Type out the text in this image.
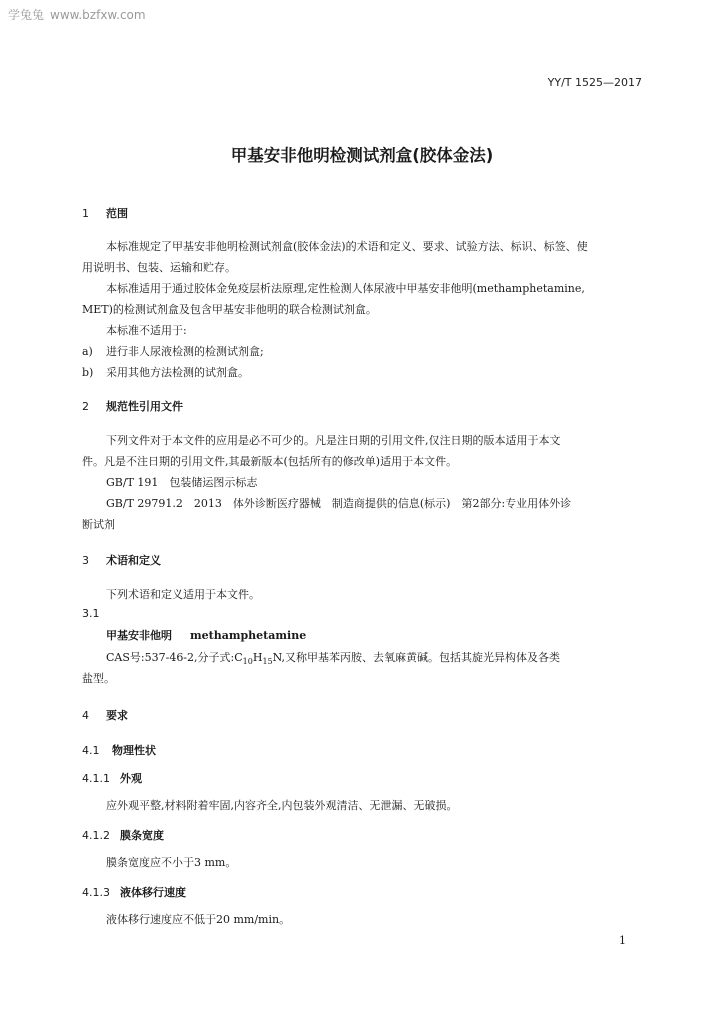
学兔兔 www.bzfxw.com
YY/T 1525—2017
甲基安非他明检测试剂盒(胶体金法)
1 范围
本标准规定了甲基安非他明检测试剂盒(胶体金法)的术语和定义、要求、试验方法、标识、标签、使
用说明书、包装、运输和贮存。
本标准适用于通过胶体金免疫层析法原理,定性检测人体尿液中甲基安非他明(methamphetamine,
MET)的检测试剂盒及包含甲基安非他明的联合检测试剂盒。
本标准不适用于:
a) 进行非人尿液检测的检测试剂盒;
b) 采用其他方法检测的试剂盒。
2 规范性引用文件
下列文件对于本文件的应用是必不可少的。凡是注日期的引用文件,仅注日期的版本适用于本文
件。凡是不注日期的引用文件,其最新版本(包括所有的修改单)适用于本文件。
GB/T 191　包装储运图示标志
GB/T 29791.2　2013　体外诊断医疗器械　制造商提供的信息(标示)　第2部分:专业用体外诊
断试剂
3 术语和定义
下列术语和定义适用于本文件。
3.1
甲基安非他明 methamphetamine
CAS号:537-46-2,分子式$:C_{10}H_{15}N$,又称甲基苯丙胺、去氧麻黄碱。包括其旋光异构体及各类
盐型。
4 要求
4.1 物理性状
4.1.1 外观
应外观平整,材料附着牢固,内容齐全,内包装外观清洁、无泄漏、无破损。
4.1.2 膜条宽度
膜条宽度应不小于3 mm。
4.1.3 液体移行速度
液体移行速度应不低于20 mm/min。
1
